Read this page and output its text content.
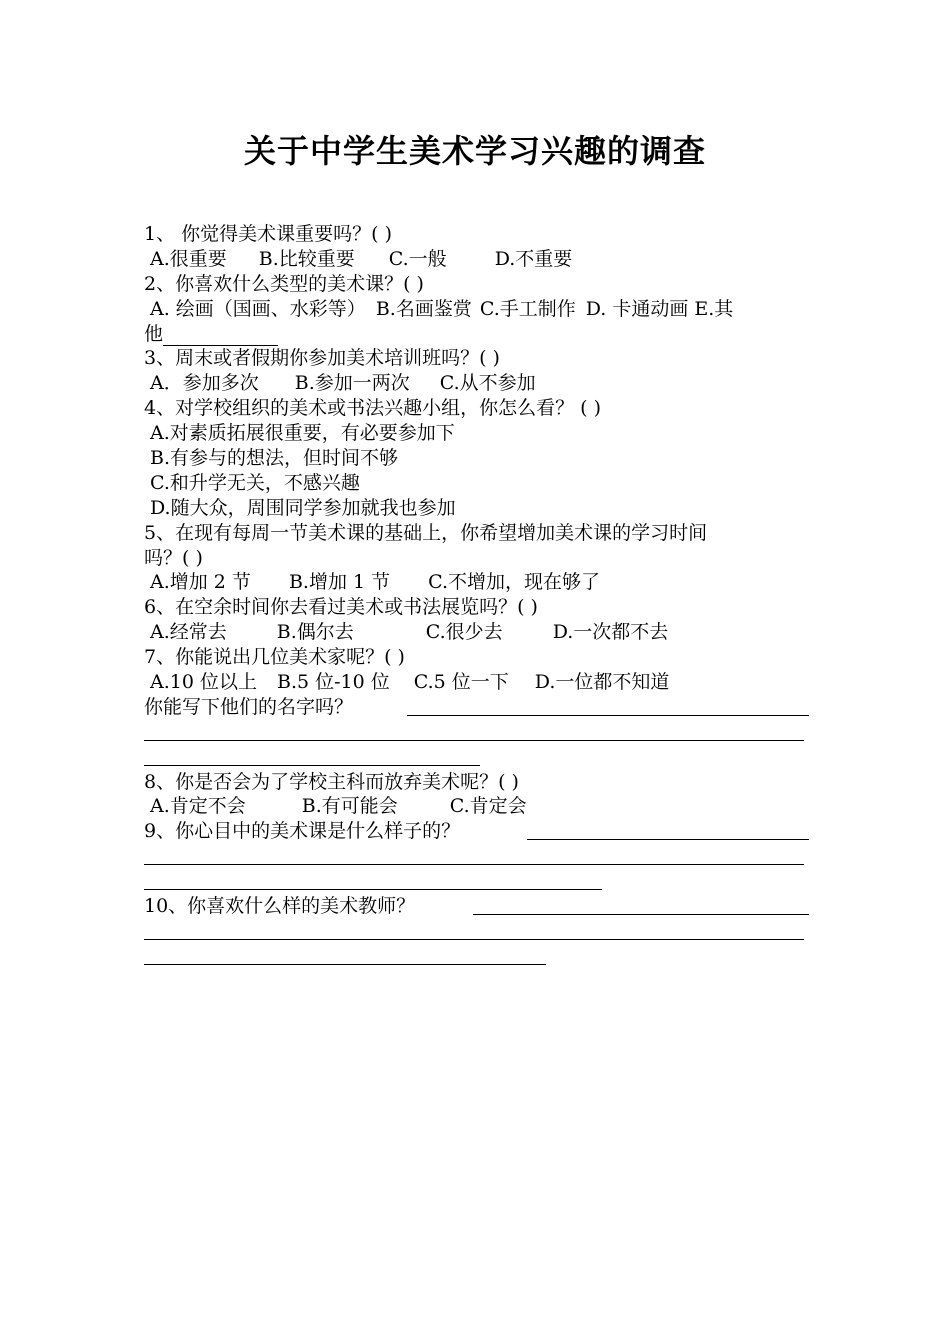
关于中学生美术学习兴趣的调查
1、 你觉得美术课重要吗？( )
A.很重要 B.比较重要 C.一般	D.不重要
2、你喜欢什么类型的美术课？( )
A. 绘画（国画、水彩等） B.名画鉴赏 C.手工制作 D. 卡通动画 E.其
他
3、周末或者假期你参加美术培训班吗？( )
A．参加多次 B.参加一两次 C.从不参加
4、对学校组织的美术或书法兴趣小组，你怎么看？ ( )
A.对素质拓展很重要，有必要参加下
B.有参与的想法，但时间不够
C.和升学无关，不感兴趣
D.随大众，周围同学参加就我也参加
5、在现有每周一节美术课的基础上，你希望增加美术课的学习时间
吗？( )
A.增加 2 节 B.增加 1 节 C.不增加，现在够了
6、在空余时间你去看过美术或书法展览吗？( )
A.经常去	B.偶尔去	C.很少去	D.一次都不去
7、你能说出几位美术家呢？( )
A.10 位以上 B.5 位-10 位 C.5 位一下 D.一位都不知道
你能写下他们的名字吗？
8、你是否会为了学校主科而放弃美术呢？( )
A.肯定不会	B.有可能会	C.肯定会
9、你心目中的美术课是什么样子的？
10、你喜欢什么样的美术教师？
